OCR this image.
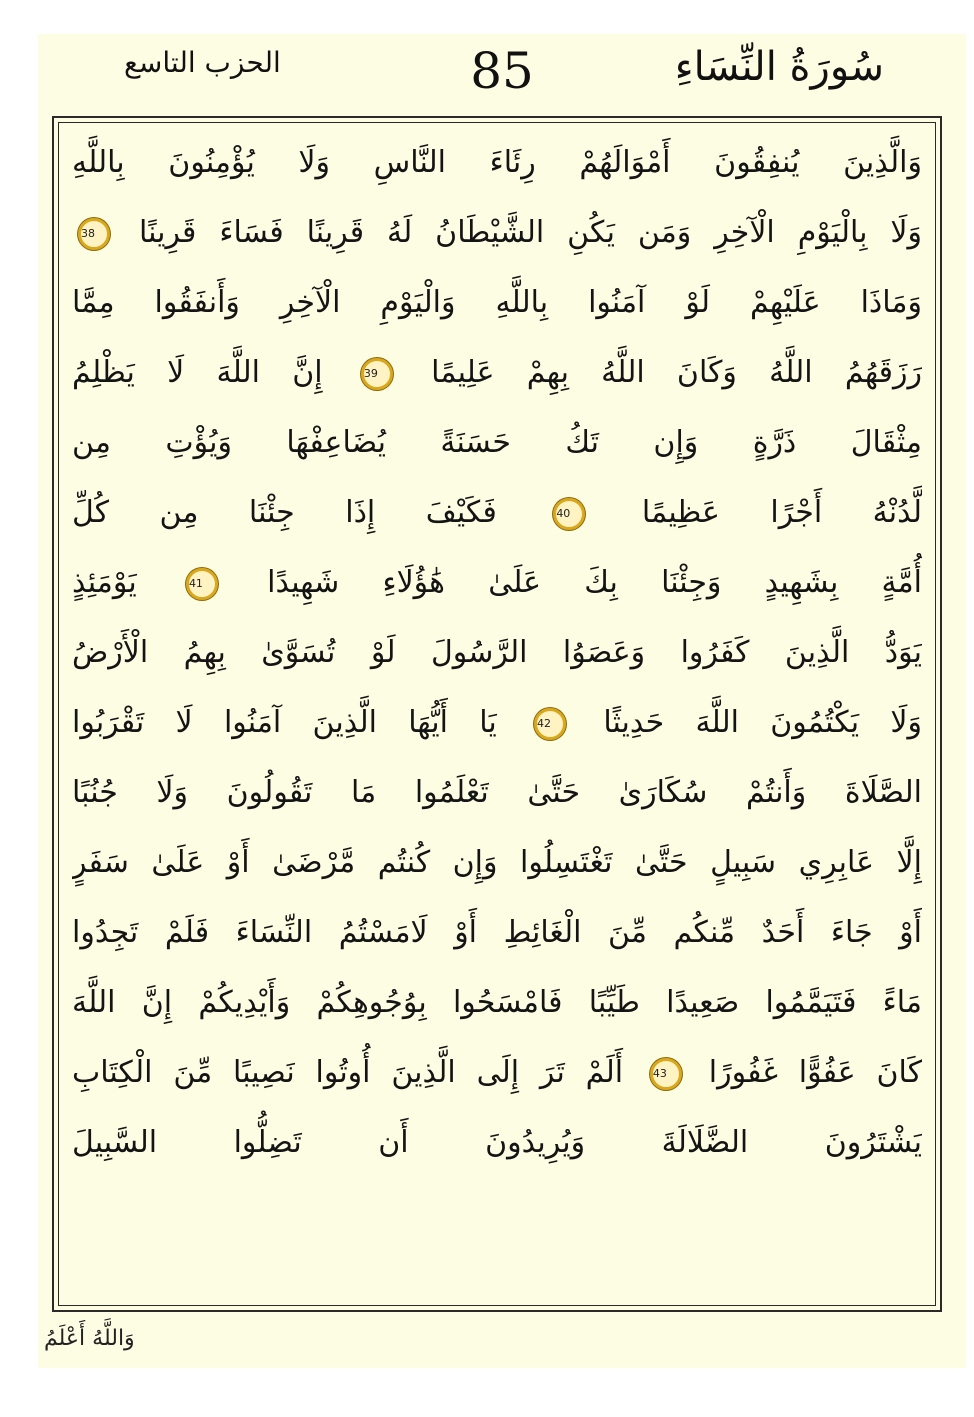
سُورَةُ النِّسَاءِ
85
الحزب التاسع
وَالَّذِينَ يُنفِقُونَ أَمْوَالَهُمْ رِئَاءَ النَّاسِ وَلَا يُؤْمِنُونَ بِاللَّهِ
وَلَا بِالْيَوْمِ الْآخِرِ وَمَن يَكُنِ الشَّيْطَانُ لَهُ قَرِينًا فَسَاءَ قَرِينًا 38
وَمَاذَا عَلَيْهِمْ لَوْ آمَنُوا بِاللَّهِ وَالْيَوْمِ الْآخِرِ وَأَنفَقُوا مِمَّا
رَزَقَهُمُ اللَّهُ وَكَانَ اللَّهُ بِهِمْ عَلِيمًا 39 إِنَّ اللَّهَ لَا يَظْلِمُ
مِثْقَالَ ذَرَّةٍ وَإِن تَكُ حَسَنَةً يُضَاعِفْهَا وَيُؤْتِ مِن
لَّدُنْهُ أَجْرًا عَظِيمًا 40 فَكَيْفَ إِذَا جِئْنَا مِن كُلِّ
أُمَّةٍ بِشَهِيدٍ وَجِئْنَا بِكَ عَلَىٰ هَٰؤُلَاءِ شَهِيدًا 41 يَوْمَئِذٍ
يَوَدُّ الَّذِينَ كَفَرُوا وَعَصَوُا الرَّسُولَ لَوْ تُسَوَّىٰ بِهِمُ الْأَرْضُ
وَلَا يَكْتُمُونَ اللَّهَ حَدِيثًا 42 يَا أَيُّهَا الَّذِينَ آمَنُوا لَا تَقْرَبُوا
الصَّلَاةَ وَأَنتُمْ سُكَارَىٰ حَتَّىٰ تَعْلَمُوا مَا تَقُولُونَ وَلَا جُنُبًا
إِلَّا عَابِرِي سَبِيلٍ حَتَّىٰ تَغْتَسِلُوا وَإِن كُنتُم مَّرْضَىٰ أَوْ عَلَىٰ سَفَرٍ
أَوْ جَاءَ أَحَدٌ مِّنكُم مِّنَ الْغَائِطِ أَوْ لَامَسْتُمُ النِّسَاءَ فَلَمْ تَجِدُوا
مَاءً فَتَيَمَّمُوا صَعِيدًا طَيِّبًا فَامْسَحُوا بِوُجُوهِكُمْ وَأَيْدِيكُمْ إِنَّ اللَّهَ
كَانَ عَفُوًّا غَفُورًا 43 أَلَمْ تَرَ إِلَى الَّذِينَ أُوتُوا نَصِيبًا مِّنَ الْكِتَابِ
يَشْتَرُونَ الضَّلَالَةَ وَيُرِيدُونَ أَن تَضِلُّوا السَّبِيلَ
وَاللَّهُ أَعْلَمُ
